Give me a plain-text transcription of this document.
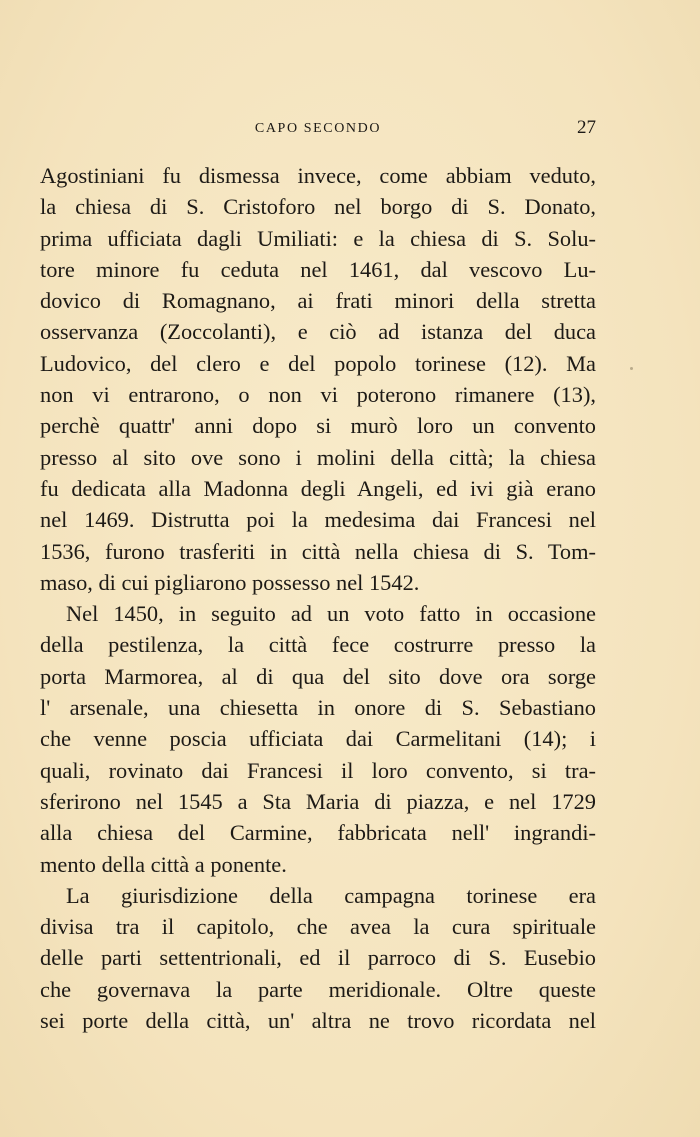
CAPO SECONDO	27
Agostiniani fu dismessa invece, come abbiam veduto,
la chiesa di S. Cristoforo nel borgo di S. Donato,
prima ufficiata dagli Umiliati: e la chiesa di S. Solu-
tore minore fu ceduta nel 1461, dal vescovo Lu-
dovico di Romagnano, ai frati minori della stretta
osservanza (Zoccolanti), e ciò ad istanza del duca
Ludovico, del clero e del popolo torinese (12). Ma
non vi entrarono, o non vi poterono rimanere (13),
perchè quattr' anni dopo si murò loro un convento
presso al sito ove sono i molini della città; la chiesa
fu dedicata alla Madonna degli Angeli, ed ivi già erano
nel 1469. Distrutta poi la medesima dai Francesi nel
1536, furono trasferiti in città nella chiesa di S. Tom-
maso, di cui pigliarono possesso nel 1542.
Nel 1450, in seguito ad un voto fatto in occasione
della pestilenza, la città fece costrurre presso la
porta Marmorea, al di qua del sito dove ora sorge
l' arsenale, una chiesetta in onore di S. Sebastiano
che venne poscia ufficiata dai Carmelitani (14); i
quali, rovinato dai Francesi il loro convento, si tra-
sferirono nel 1545 a Sta Maria di piazza, e nel 1729
alla chiesa del Carmine, fabbricata nell' ingrandi-
mento della città a ponente.
La giurisdizione della campagna torinese era
divisa tra il capitolo, che avea la cura spirituale
delle parti settentrionali, ed il parroco di S. Eusebio
che governava la parte meridionale. Oltre queste
sei porte della città, un' altra ne trovo ricordata nel
